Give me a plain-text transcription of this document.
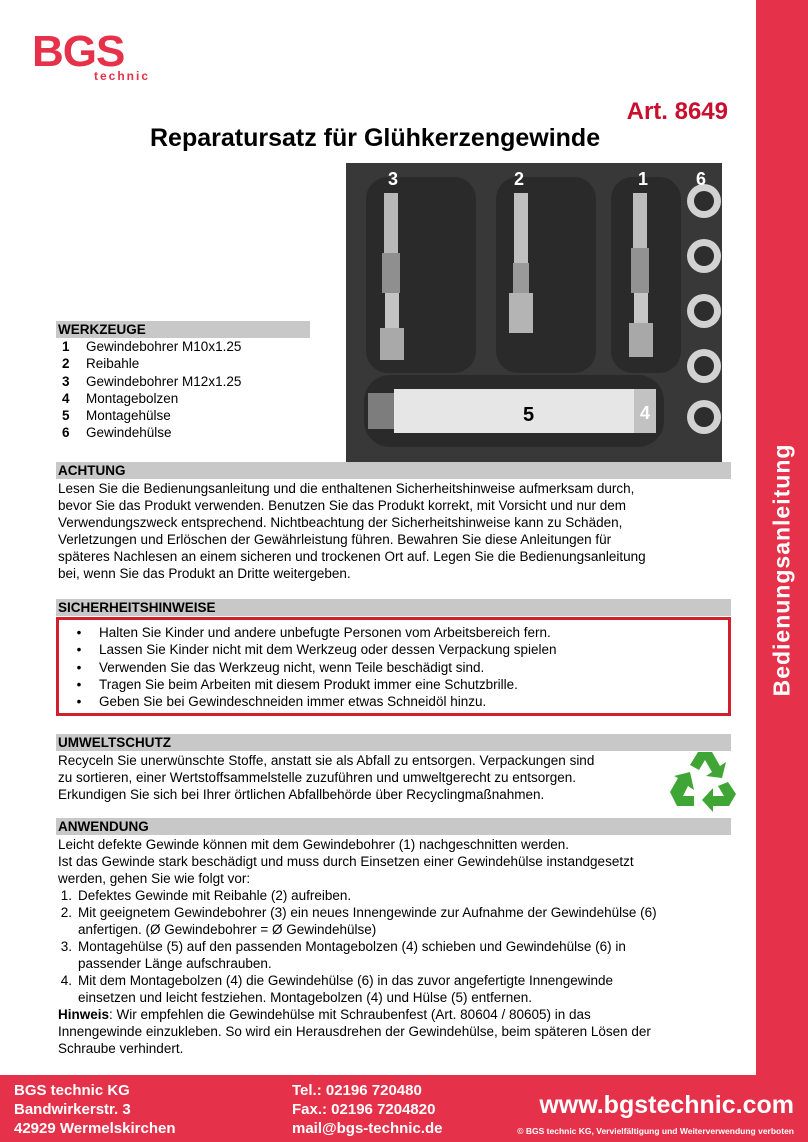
BGS
technic
Bedienungsanleitung
Art. 8649
Reparatursatz für Glühkerzengewinde
3	2	1	6
5	4
WERKZEUGE
1	Gewindebohrer M10x1.25
2	Reibahle
3	Gewindebohrer M12x1.25
4	Montagebolzen
5	Montagehülse
6	Gewindehülse
ACHTUNG
Lesen Sie die Bedienungsanleitung und die enthaltenen Sicherheitshinweise aufmerksam durch,
bevor Sie das Produkt verwenden. Benutzen Sie das Produkt korrekt, mit Vorsicht und nur dem
Verwendungszweck entsprechend. Nichtbeachtung der Sicherheitshinweise kann zu Schäden,
Verletzungen und Erlöschen der Gewährleistung führen. Bewahren Sie diese Anleitungen für
späteres Nachlesen an einem sicheren und trockenen Ort auf. Legen Sie die Bedienungsanleitung
bei, wenn Sie das Produkt an Dritte weitergeben.
SICHERHEITSHINWEISE
•	Halten Sie Kinder und andere unbefugte Personen vom Arbeitsbereich fern.
•	Lassen Sie Kinder nicht mit dem Werkzeug oder dessen Verpackung spielen
•	Verwenden Sie das Werkzeug nicht, wenn Teile beschädigt sind.
•	Tragen Sie beim Arbeiten mit diesem Produkt immer eine Schutzbrille.
•	Geben Sie bei Gewindeschneiden immer etwas Schneidöl hinzu.
UMWELTSCHUTZ
Recyceln Sie unerwünschte Stoffe, anstatt sie als Abfall zu entsorgen. Verpackungen sind
zu sortieren, einer Wertstoffsammelstelle zuzuführen und umweltgerecht zu entsorgen.
Erkundigen Sie sich bei Ihrer örtlichen Abfallbehörde über Recyclingmaßnahmen.
ANWENDUNG
Leicht defekte Gewinde können mit dem Gewindebohrer (1) nachgeschnitten werden.
Ist das Gewinde stark beschädigt und muss durch Einsetzen einer Gewindehülse instandgesetzt
werden, gehen Sie wie folgt vor:
1. Defektes Gewinde mit Reibahle (2) aufreiben.
2. Mit geeignetem Gewindebohrer (3) ein neues Innengewinde zur Aufnahme der Gewindehülse (6)
anfertigen. (Ø Gewindebohrer = Ø Gewindehülse)
3. Montagehülse (5) auf den passenden Montagebolzen (4) schieben und Gewindehülse (6) in
passender Länge aufschrauben.
4. Mit dem Montagebolzen (4) die Gewindehülse (6) in das zuvor angefertigte Innengewinde
einsetzen und leicht festziehen. Montagebolzen (4) und Hülse (5) entfernen.
Hinweis: Wir empfehlen die Gewindehülse mit Schraubenfest (Art. 80604 / 80605) in das
Innengewinde einzukleben. So wird ein Herausdrehen der Gewindehülse, beim späteren Lösen der
Schraube verhindert.
BGS technic KG
Bandwirkerstr. 3
42929 Wermelskirchen
Tel.: 02196 720480
Fax.: 02196 7204820
mail@bgs-technic.de
www.bgstechnic.com
© BGS technic KG, Vervielfältigung und Weiterverwendung verboten
